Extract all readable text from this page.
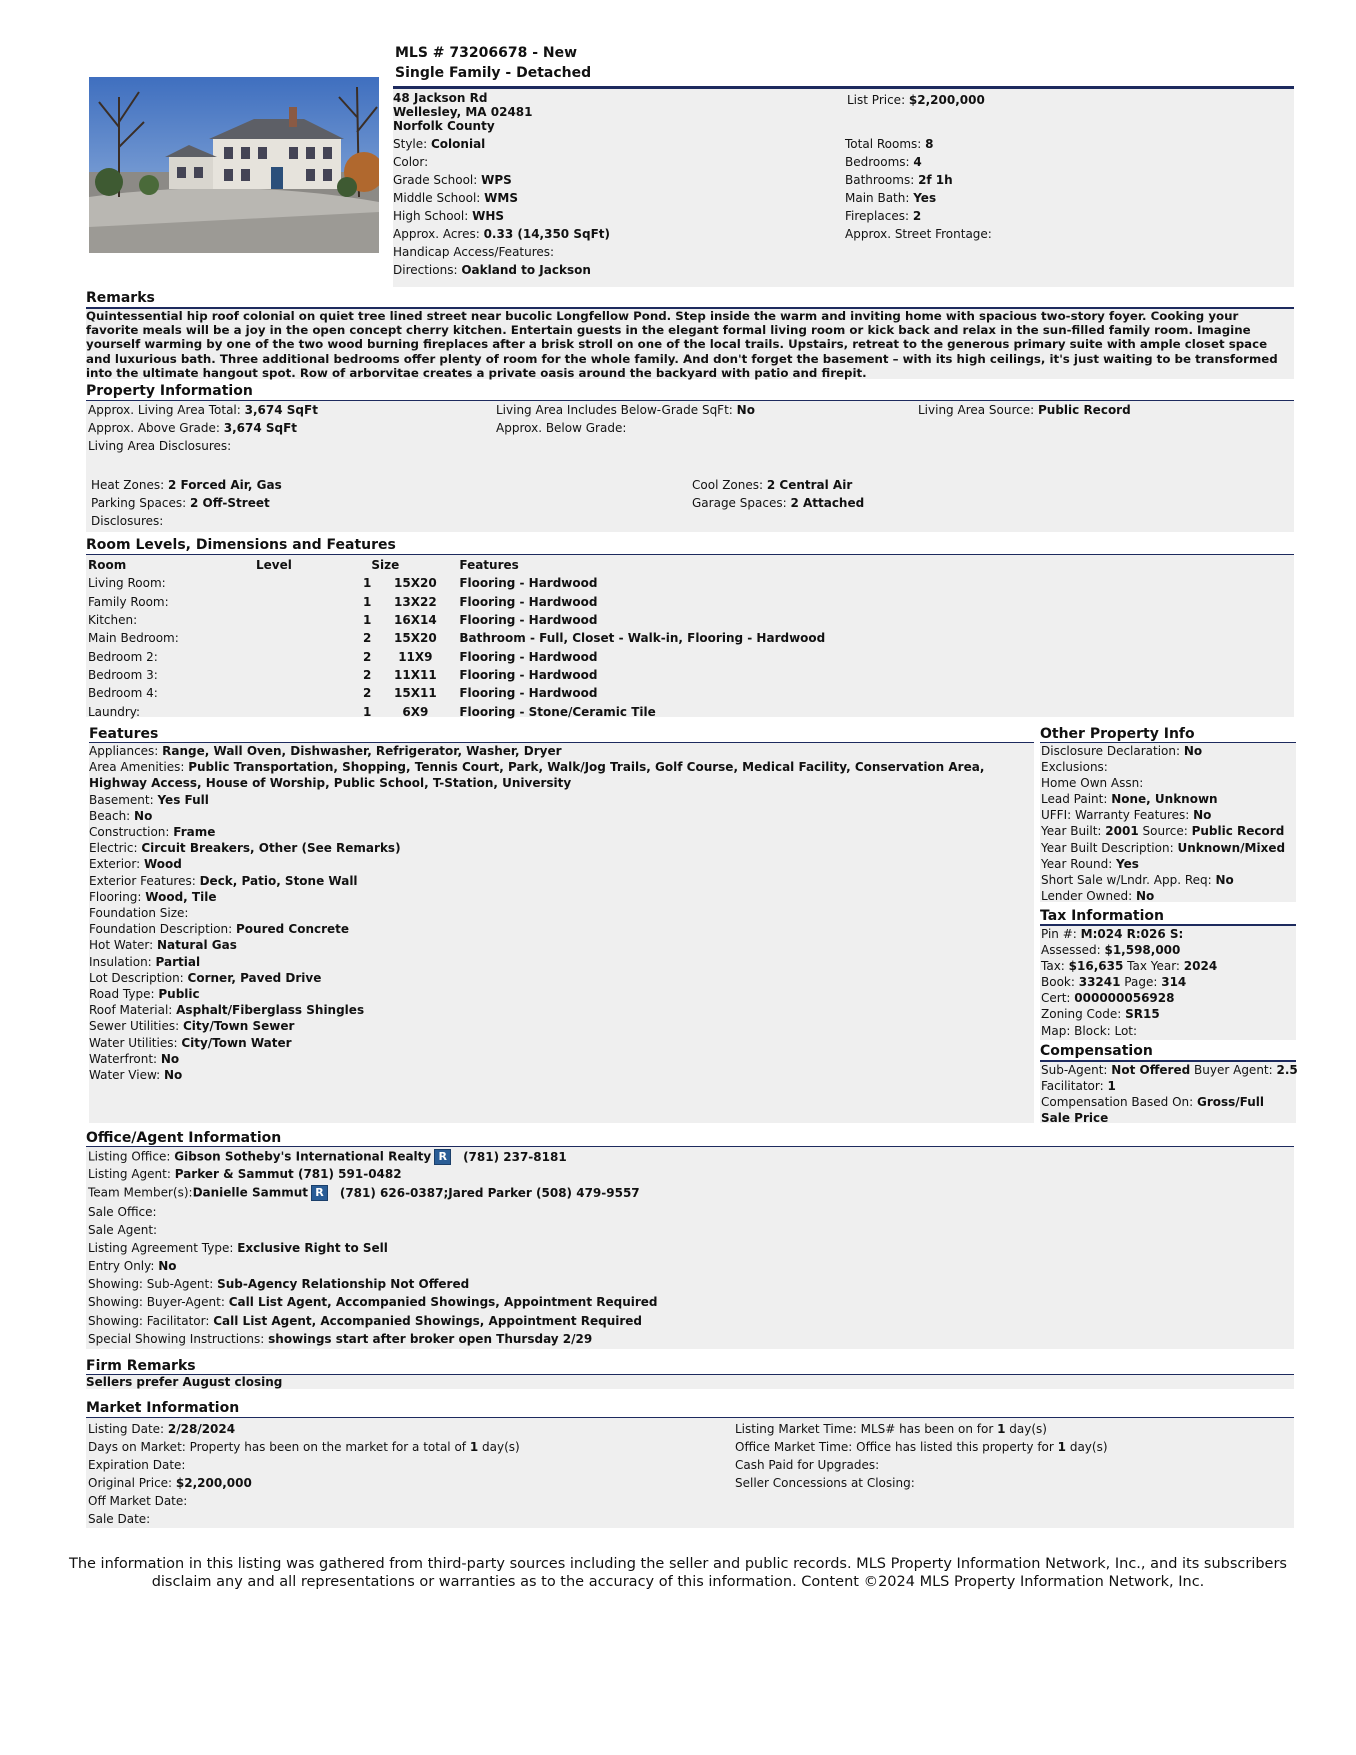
MLS # 73206678 - New
Single Family - Detached
48 Jackson Rd
Wellesley, MA 02481
Norfolk County
List Price: $2,200,000
Style: Colonial
Color:
Grade School: WPS
Middle School: WMS
High School: WHS
Approx. Acres: 0.33 (14,350 SqFt)
Handicap Access/Features:
Directions: Oakland to Jackson
Total Rooms: 8
Bedrooms: 4
Bathrooms: 2f 1h
Main Bath: Yes
Fireplaces: 2
Approx. Street Frontage:
Remarks
Quintessential hip roof colonial on quiet tree lined street near bucolic Longfellow Pond. Step inside the warm and inviting home with spacious two-story foyer. Cooking your favorite meals will be a joy in the open concept cherry kitchen. Entertain guests in the elegant formal living room or kick back and relax in the sun-filled family room. Imagine yourself warming by one of the two wood burning fireplaces after a brisk stroll on one of the local trails. Upstairs, retreat to the generous primary suite with ample closet space and luxurious bath. Three additional bedrooms offer plenty of room for the whole family. And don't forget the basement – with its high ceilings, it's just waiting to be transformed into the ultimate hangout spot. Row of arborvitae creates a private oasis around the backyard with patio and firepit.
Property Information
Approx. Living Area Total: 3,674 SqFt
Approx. Above Grade: 3,674 SqFt
Living Area Disclosures:
Living Area Includes Below-Grade SqFt: No
Approx. Below Grade:
Living Area Source: Public Record
Heat Zones: 2 Forced Air, Gas
Parking Spaces: 2 Off-Street
Disclosures:
Cool Zones: 2 Central Air
Garage Spaces: 2 Attached
Room Levels, Dimensions and Features
Room	Level	Size	Features
Living Room:	1	15X20	Flooring - Hardwood
Family Room:	1	13X22	Flooring - Hardwood
Kitchen:	1	16X14	Flooring - Hardwood
Main Bedroom:	2	15X20	Bathroom - Full, Closet - Walk-in, Flooring - Hardwood
Bedroom 2:	2	11X9	Flooring - Hardwood
Bedroom 3:	2	11X11	Flooring - Hardwood
Bedroom 4:	2	15X11	Flooring - Hardwood
Laundry:	1	6X9	Flooring - Stone/Ceramic Tile
Features
Appliances: Range, Wall Oven, Dishwasher, Refrigerator, Washer, Dryer
Area Amenities: Public Transportation, Shopping, Tennis Court, Park, Walk/Jog Trails, Golf Course, Medical Facility, Conservation Area, Highway Access, House of Worship, Public School, T-Station, University
Basement: Yes Full
Beach: No
Construction: Frame
Electric: Circuit Breakers, Other (See Remarks)
Exterior: Wood
Exterior Features: Deck, Patio, Stone Wall
Flooring: Wood, Tile
Foundation Size:
Foundation Description: Poured Concrete
Hot Water: Natural Gas
Insulation: Partial
Lot Description: Corner, Paved Drive
Road Type: Public
Roof Material: Asphalt/Fiberglass Shingles
Sewer Utilities: City/Town Sewer
Water Utilities: City/Town Water
Waterfront: No
Water View: No
Other Property Info
Disclosure Declaration: No
Exclusions:
Home Own Assn:
Lead Paint: None, Unknown
UFFI: Warranty Features: No
Year Built: 2001 Source: Public Record
Year Built Description: Unknown/Mixed
Year Round: Yes
Short Sale w/Lndr. App. Req: No
Lender Owned: No
Tax Information
Pin #: M:024 R:026 S:
Assessed: $1,598,000
Tax: $16,635 Tax Year: 2024
Book: 33241 Page: 314
Cert: 000000056928
Zoning Code: SR15
Map: Block: Lot:
Compensation
Sub-Agent: Not Offered Buyer Agent: 2.5
Facilitator: 1
Compensation Based On: Gross/Full Sale Price
Office/Agent Information
Listing Office: Gibson Sotheby's International Realty R (781) 237-8181
Listing Agent: Parker & Sammut (781) 591-0482
Team Member(s):Danielle Sammut R (781) 626-0387;Jared Parker (508) 479-9557
Sale Office:
Sale Agent:
Listing Agreement Type: Exclusive Right to Sell
Entry Only: No
Showing: Sub-Agent: Sub-Agency Relationship Not Offered
Showing: Buyer-Agent: Call List Agent, Accompanied Showings, Appointment Required
Showing: Facilitator: Call List Agent, Accompanied Showings, Appointment Required
Special Showing Instructions: showings start after broker open Thursday 2/29
Firm Remarks
Sellers prefer August closing
Market Information
Listing Date: 2/28/2024
Days on Market: Property has been on the market for a total of 1 day(s)
Expiration Date:
Original Price: $2,200,000
Off Market Date:
Sale Date:
Listing Market Time: MLS# has been on for 1 day(s)
Office Market Time: Office has listed this property for 1 day(s)
Cash Paid for Upgrades:
Seller Concessions at Closing:
The information in this listing was gathered from third-party sources including the seller and public records. MLS Property Information Network, Inc., and its subscribers disclaim any and all representations or warranties as to the accuracy of this information. Content ©2024 MLS Property Information Network, Inc.
